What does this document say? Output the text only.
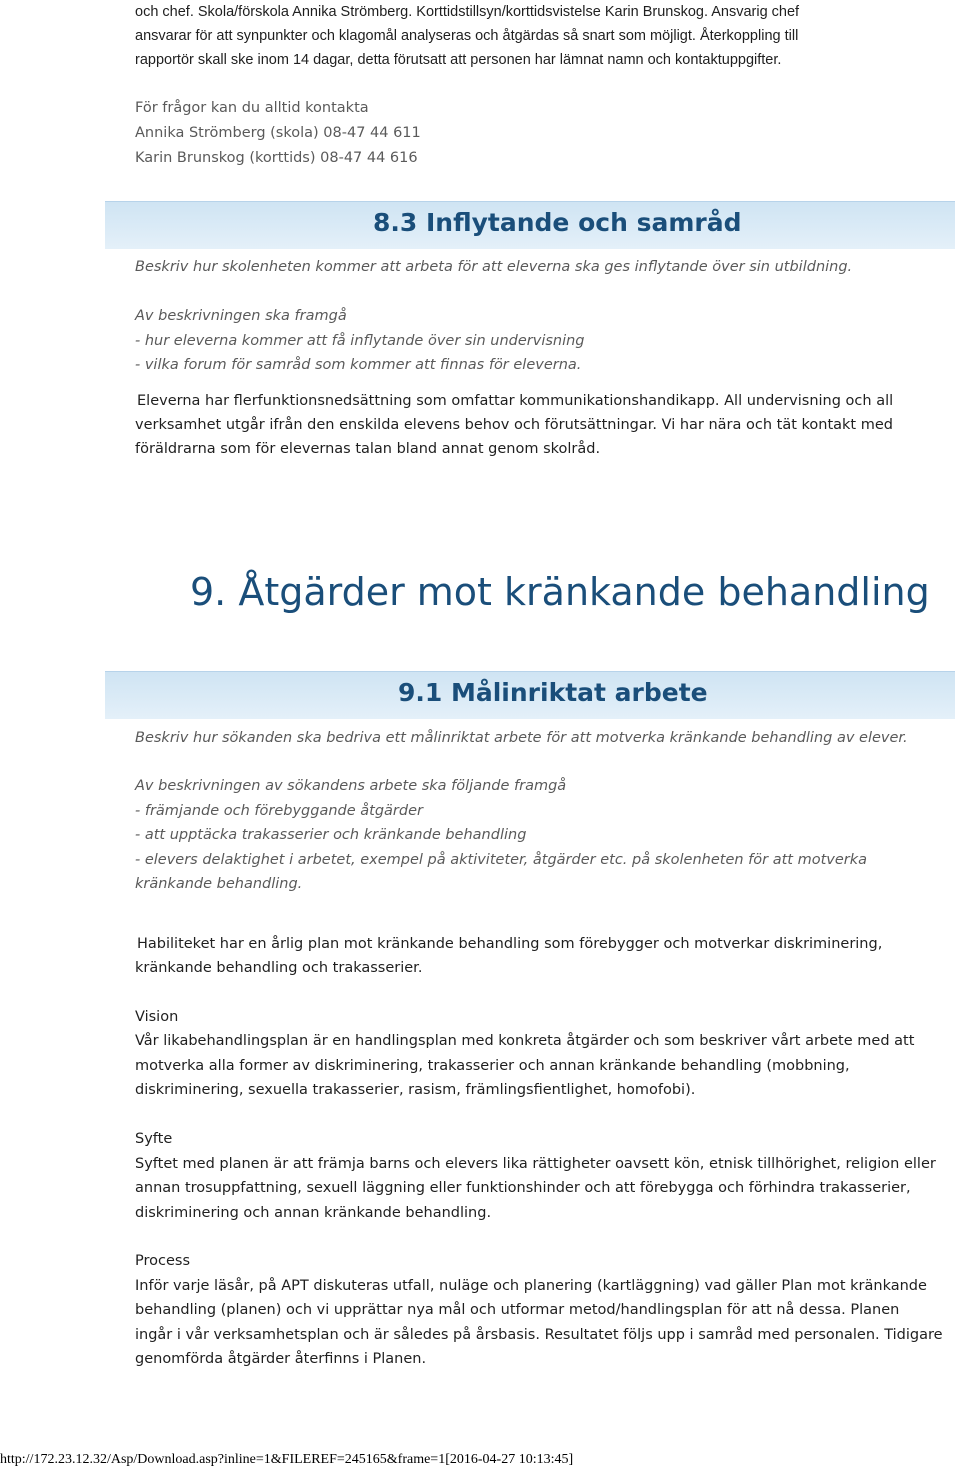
och chef. Skola/förskola Annika Strömberg. Korttidstillsyn/korttidsvistelse Karin Brunskog. Ansvarig chef
ansvarar för att synpunkter och klagomål analyseras och åtgärdas så snart som möjligt. Återkoppling till
rapportör skall ske inom 14 dagar, detta förutsatt att personen har lämnat namn och kontaktuppgifter.
För frågor kan du alltid kontakta
Annika Strömberg (skola) 08-47 44 611
Karin Brunskog (korttids) 08-47 44 616
8.3 Inflytande och samråd
Beskriv hur skolenheten kommer att arbeta för att eleverna ska ges inflytande över sin utbildning.
Av beskrivningen ska framgå
- hur eleverna kommer att få inflytande över sin undervisning
- vilka forum för samråd som kommer att finnas för eleverna.
Eleverna har flerfunktionsnedsättning som omfattar kommunikationshandikapp. All undervisning och all
verksamhet utgår ifrån den enskilda elevens behov och förutsättningar. Vi har nära och tät kontakt med
föräldrarna som för elevernas talan bland annat genom skolråd.
9. Åtgärder mot kränkande behandling
9.1 Målinriktat arbete
Beskriv hur sökanden ska bedriva ett målinriktat arbete för att motverka kränkande behandling av elever.
Av beskrivningen av sökandens arbete ska följande framgå
- främjande och förebyggande åtgärder
- att upptäcka trakasserier och kränkande behandling
- elevers delaktighet i arbetet, exempel på aktiviteter, åtgärder etc. på skolenheten för att motverka
kränkande behandling.
Habiliteket har en årlig plan mot kränkande behandling som förebygger och motverkar diskriminering,
kränkande behandling och trakasserier.
Vision
Vår likabehandlingsplan är en handlingsplan med konkreta åtgärder och som beskriver vårt arbete med att
motverka alla former av diskriminering, trakasserier och annan kränkande behandling (mobbning,
diskriminering, sexuella trakasserier, rasism, främlingsfientlighet, homofobi).
Syfte
Syftet med planen är att främja barns och elevers lika rättigheter oavsett kön, etnisk tillhörighet, religion eller
annan trosuppfattning, sexuell läggning eller funktionshinder och att förebygga och förhindra trakasserier,
diskriminering och annan kränkande behandling.
Process
Inför varje läsår, på APT diskuteras utfall, nuläge och planering (kartläggning) vad gäller Plan mot kränkande
behandling (planen) och vi upprättar nya mål och utformar metod/handlingsplan för att nå dessa. Planen
ingår i vår verksamhetsplan och är således på årsbasis. Resultatet följs upp i samråd med personalen. Tidigare
genomförda åtgärder återfinns i Planen.
http://172.23.12.32/Asp/Download.asp?inline=1&FILEREF=245165&frame=1[2016-04-27 10:13:45]
